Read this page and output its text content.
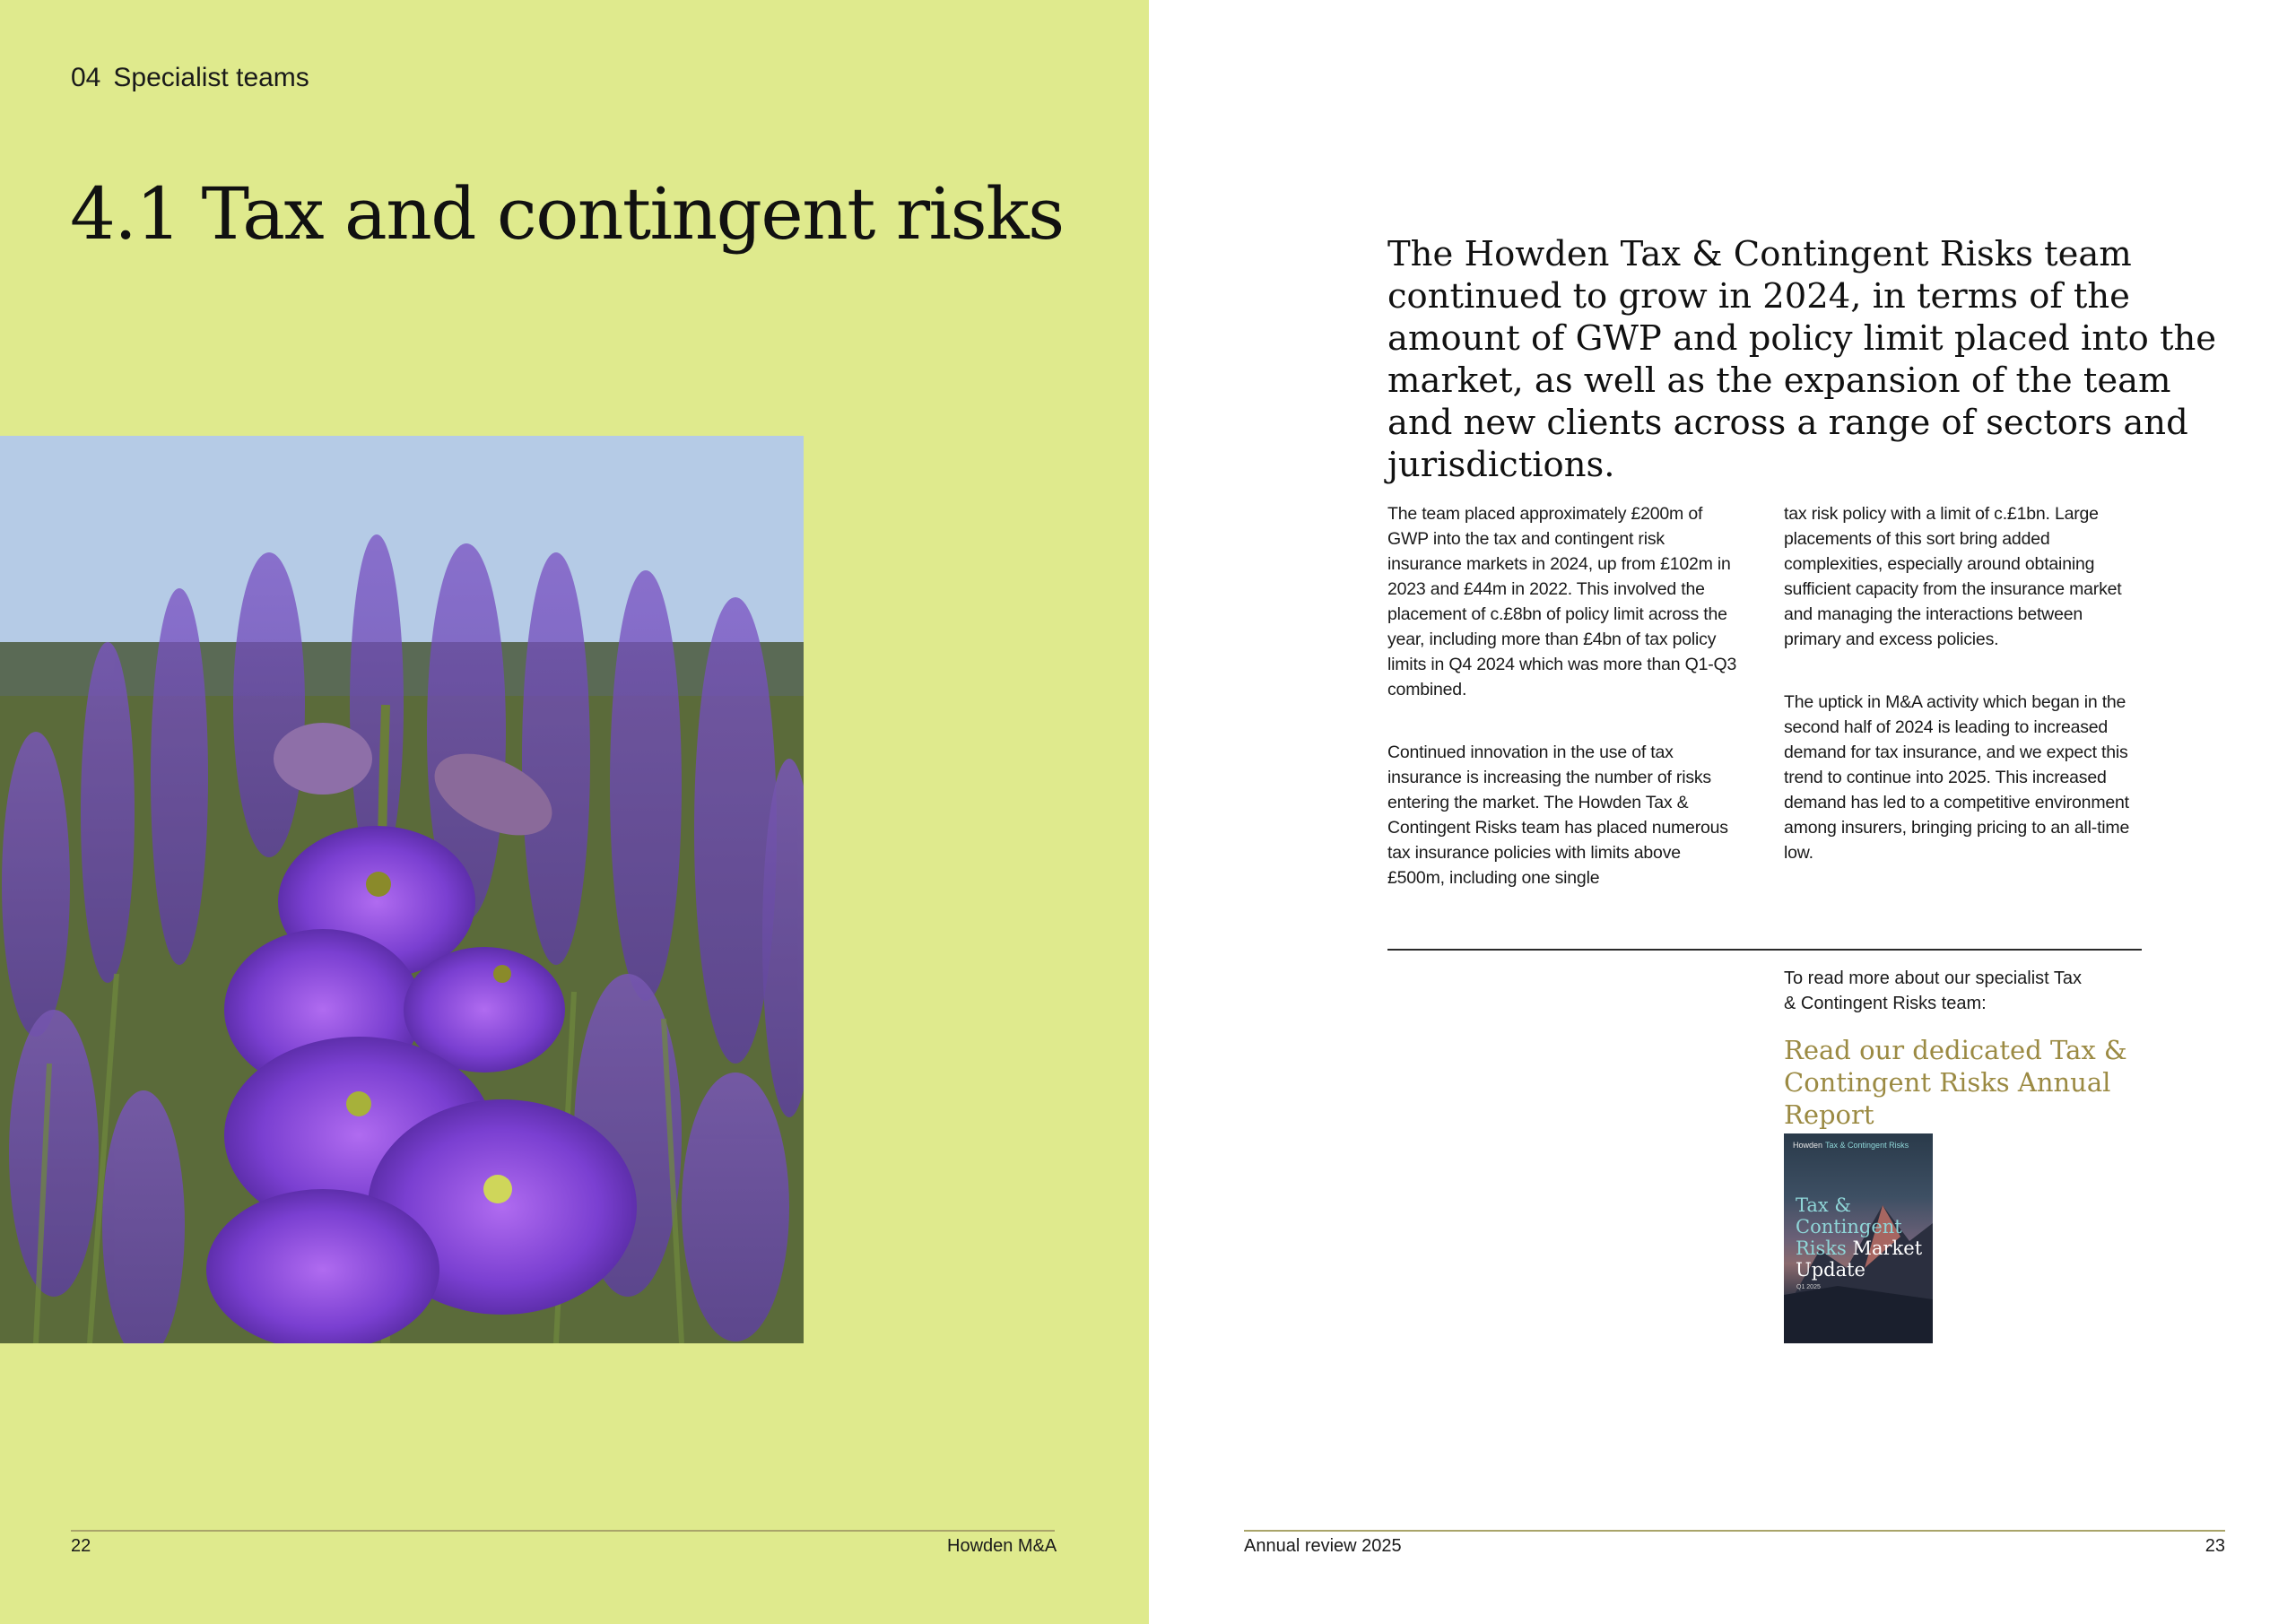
04 Specialist teams
4.1 Tax and contingent risks
22	Howden M&A

The Howden Tax & Contingent Risks team continued to grow in 2024, in terms of the amount of GWP and policy limit placed into the market, as well as the expansion of the team and new clients across a range of sectors and jurisdictions.

The team placed approximately £200m of GWP into the tax and contingent risk insurance markets in 2024, up from £102m in 2023 and £44m in 2022. This involved the placement of c.£8bn of policy limit across the year, including more than £4bn of tax policy limits in Q4 2024 which was more than Q1-Q3 combined.

Continued innovation in the use of tax insurance is increasing the number of risks entering the market. The Howden Tax & Contingent Risks team has placed numerous tax insurance policies with limits above £500m, including one single

tax risk policy with a limit of c.£1bn. Large placements of this sort bring added complexities, especially around obtaining sufficient capacity from the insurance market and managing the interactions between primary and excess policies.

The uptick in M&A activity which began in the second half of 2024 is leading to increased demand for tax insurance, and we expect this trend to continue into 2025. This increased demand has led to a competitive environment among insurers, bringing pricing to an all-time low.

To read more about our specialist Tax & Contingent Risks team:
Read our dedicated Tax & Contingent Risks Annual Report
Howden Tax & Contingent Risks
Tax & Contingent Risks Market Update
Q1 2025
Annual review 2025	23
